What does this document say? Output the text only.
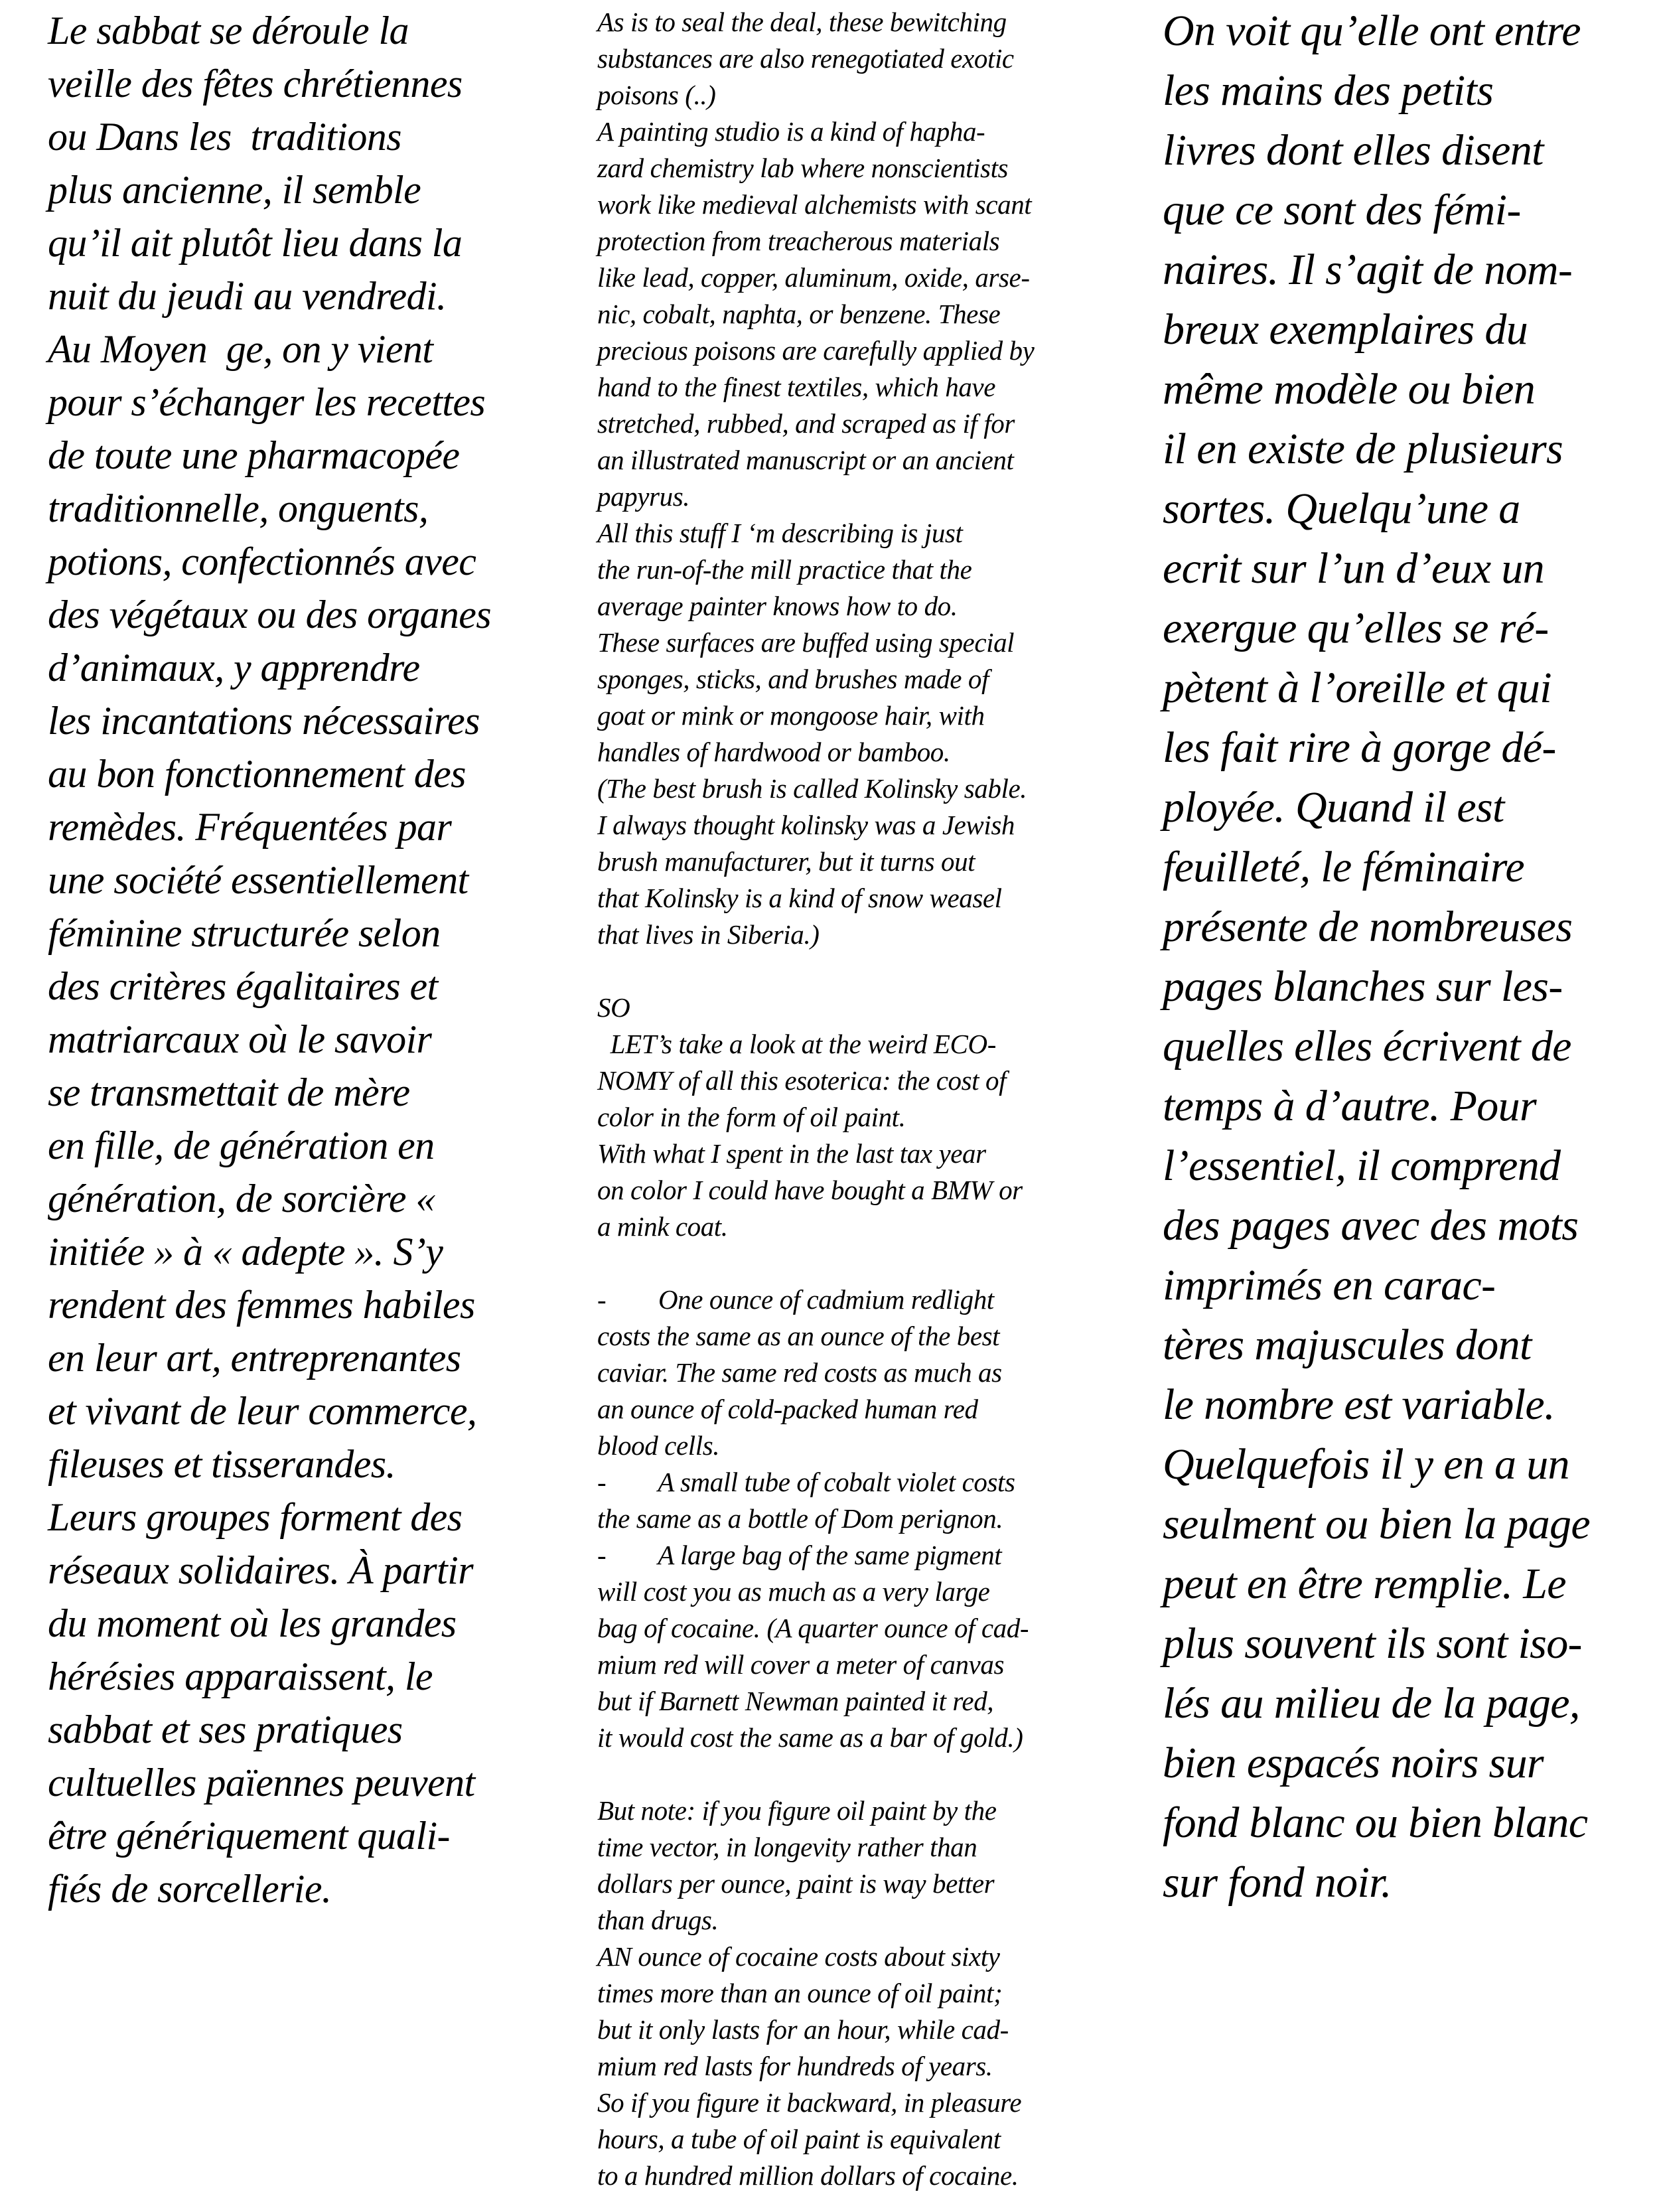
Le sabbat se déroule la
veille des fêtes chrétiennes
ou Dans les  traditions
plus ancienne, il semble
qu’il ait plutôt lieu dans la
nuit du jeudi au vendredi.
Au Moyen  ge, on y vient
pour s’échanger les recettes
de toute une pharmacopée
traditionnelle, onguents,
potions, confectionnés avec
des végétaux ou des organes
d’animaux, y apprendre
les incantations nécessaires
au bon fonctionnement des
remèdes. Fréquentées par
une société essentiellement
féminine structurée selon
des critères égalitaires et
matriarcaux où le savoir
se transmettait de mère
en fille, de génération en
génération, de sorcière «
initiée » à « adepte ». S’y
rendent des femmes habiles
en leur art, entreprenantes
et vivant de leur commerce,
fileuses et tisserandes.
Leurs groupes forment des
réseaux solidaires. À partir
du moment où les grandes
hérésies apparaissent, le
sabbat et ses pratiques
cultuelles païennes peuvent
être génériquement quali-
fiés de sorcellerie.
As is to seal the deal, these bewitching
substances are also renegotiated exotic
poisons (..)
A painting studio is a kind of hapha-
zard chemistry lab where nonscientists
work like medieval alchemists with scant
protection from treacherous materials
like lead, copper, aluminum, oxide, arse-
nic, cobalt, naphta, or benzene. These
precious poisons are carefully applied by
hand to the finest textiles, which have
stretched, rubbed, and scraped as if for
an illustrated manuscript or an ancient
papyrus.
All this stuff I ‘m describing is just
the run-of-the mill practice that the
average painter knows how to do.
These surfaces are buffed using special
sponges, sticks, and brushes made of
goat or mink or mongoose hair, with
handles of hardwood or bamboo.
(The best brush is called Kolinsky sable.
I always thought kolinsky was a Jewish
brush manufacturer, but it turns out
that Kolinsky is a kind of snow weasel
that lives in Siberia.)
SO
LET’s take a look at the weird ECO-
NOMY of all this esoterica: the cost of
color in the form of oil paint.
With what I spent in the last tax year
on color I could have bought a BMW or
a mink coat.
-        One ounce of cadmium redlight
costs the same as an ounce of the best
caviar. The same red costs as much as
an ounce of cold-packed human red
blood cells.
-        A small tube of cobalt violet costs
the same as a bottle of Dom perignon.
-        A large bag of the same pigment
will cost you as much as a very large
bag of cocaine. (A quarter ounce of cad-
mium red will cover a meter of canvas
but if Barnett Newman painted it red,
it would cost the same as a bar of gold.)
But note: if you figure oil paint by the
time vector, in longevity rather than
dollars per ounce, paint is way better
than drugs.
AN ounce of cocaine costs about sixty
times more than an ounce of oil paint;
but it only lasts for an hour, while cad-
mium red lasts for hundreds of years.
So if you figure it backward, in pleasure
hours, a tube of oil paint is equivalent
to a hundred million dollars of cocaine.
On voit qu’elle ont entre
les mains des petits
livres dont elles disent
que ce sont des fémi-
naires. Il s’agit de nom-
breux exemplaires du
même modèle ou bien
il en existe de plusieurs
sortes. Quelqu’une a
ecrit sur l’un d’eux un
exergue qu’elles se ré-
pètent à l’oreille et qui
les fait rire à gorge dé-
ployée. Quand il est
feuilleté, le féminaire
présente de nombreuses
pages blanches sur les-
quelles elles écrivent de
temps à d’autre. Pour
l’essentiel, il comprend
des pages avec des mots
imprimés en carac-
tères majuscules dont
le nombre est variable.
Quelquefois il y en a un
seulment ou bien la page
peut en être remplie. Le
plus souvent ils sont iso-
lés au milieu de la page,
bien espacés noirs sur
fond blanc ou bien blanc
sur fond noir.
